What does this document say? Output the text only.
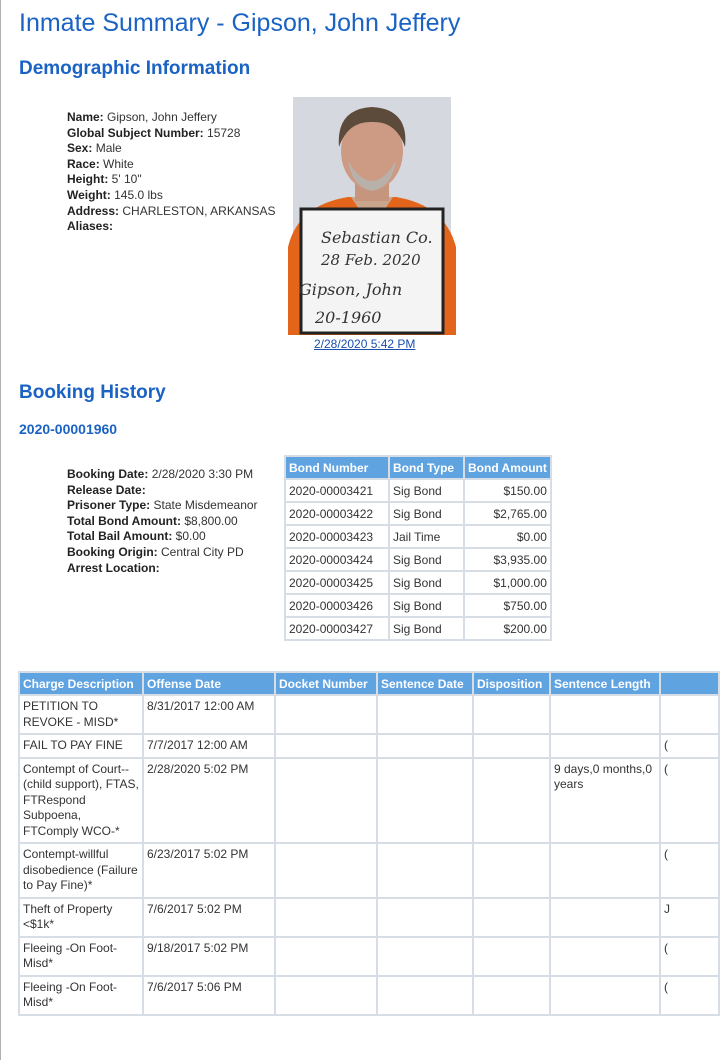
Inmate Summary - Gipson, John Jeffery
Demographic Information
Name: Gipson, John Jeffery
Global Subject Number: 15728
Sex: Male
Race: White
Height: 5' 10"
Weight: 145.0 lbs
Address: CHARLESTON, ARKANSAS
Aliases:
Sebastian Co.
28 Feb. 2020
Gipson, John
20-1960
2/28/2020 5:42 PM
Booking History
2020-00001960
Booking Date: 2/28/2020 3:30 PM
Release Date:
Prisoner Type: State Misdemeanor
Total Bond Amount: $8,800.00
Total Bail Amount: $0.00
Booking Origin: Central City PD
Arrest Location:
Bond Number	Bond Type	Bond Amount
2020-00003421	Sig Bond	$150.00
2020-00003422	Sig Bond	$2,765.00
2020-00003423	Jail Time	$0.00
2020-00003424	Sig Bond	$3,935.00
2020-00003425	Sig Bond	$1,000.00
2020-00003426	Sig Bond	$750.00
2020-00003427	Sig Bond	$200.00
Charge Description	Offense Date	Docket Number	Sentence Date	Disposition	Sentence Length	
PETITION TO REVOKE - MISD*	8/31/2017 12:00 AM					
FAIL TO PAY FINE	7/7/2017 12:00 AM					(
Contempt of Court--(child support), FTAS, FTRespond Subpoena, FTComply WCO-*	2/28/2020 5:02 PM				9 days,0 months,0 years	(
Contempt-willful disobedience (Failure to Pay Fine)*	6/23/2017 5:02 PM					(
Theft of Property <$1k*	7/6/2017 5:02 PM					J
Fleeing -On Foot-Misd*	9/18/2017 5:02 PM					(
Fleeing -On Foot-Misd*	7/6/2017 5:06 PM					(
